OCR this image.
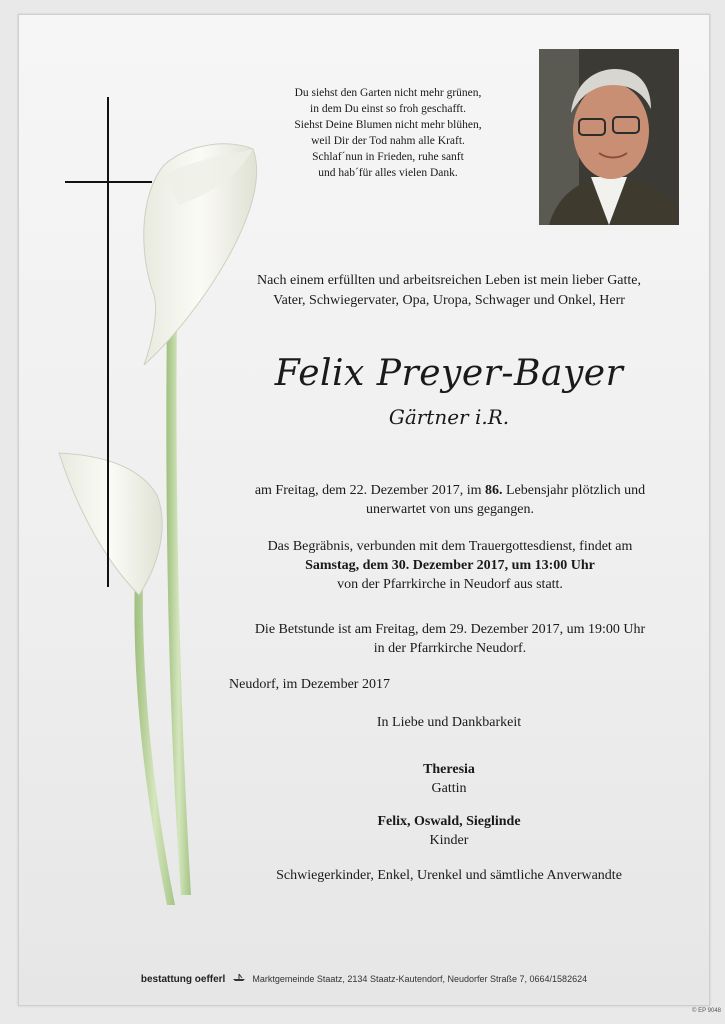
Du siehst den Garten nicht mehr grünen,
in dem Du einst so froh geschafft.
Siehst Deine Blumen nicht mehr blühen,
weil Dir der Tod nahm alle Kraft.
Schlaf´nun in Frieden, ruhe sanft
und hab´für alles vielen Dank.
Nach einem erfüllten und arbeitsreichen Leben ist mein lieber Gatte,
Vater, Schwiegervater, Opa, Uropa, Schwager und Onkel, Herr
Felix Preyer-Bayer
Gärtner i.R.
am Freitag, dem 22. Dezember 2017, im 86. Lebensjahr plötzlich und
unerwartet von uns gegangen.
Das Begräbnis, verbunden mit dem Trauergottesdienst, findet am
Samstag, dem 30. Dezember 2017, um 13:00 Uhr
von der Pfarrkirche in Neudorf aus statt.
Die Betstunde ist am Freitag, dem 29. Dezember 2017, um 19:00 Uhr
in der Pfarrkirche Neudorf.
Neudorf, im Dezember 2017
In Liebe und Dankbarkeit
Theresia
Gattin
Felix, Oswald, Sieglinde
Kinder
Schwiegerkinder, Enkel, Urenkel und sämtliche Anverwandte
bestattung oefferl	Marktgemeinde Staatz, 2134 Staatz-Kautendorf, Neudorfer Straße 7, 0664/1582624
© EP 9048
